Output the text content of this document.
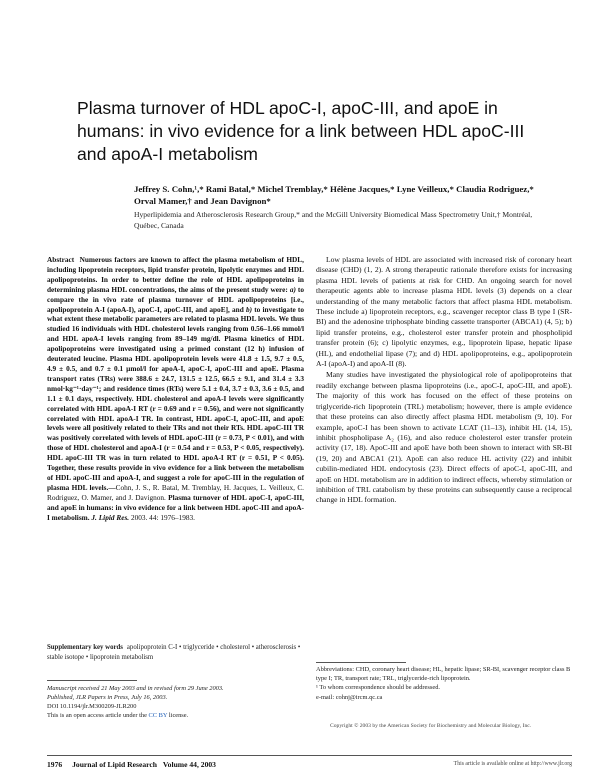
Plasma turnover of HDL apoC-I, apoC-III, and apoE in humans: in vivo evidence for a link between HDL apoC-III and apoA-I metabolism
Jeffrey S. Cohn,¹,* Rami Batal,* Michel Tremblay,* Hélène Jacques,* Lyne Veilleux,* Claudia Rodriguez,* Orval Mamer,† and Jean Davignon*
Hyperlipidemia and Atherosclerosis Research Group,* and the McGill University Biomedical Mass Spectrometry Unit,† Montréal, Québec, Canada
Abstract Numerous factors are known to affect the plasma metabolism of HDL, including lipoprotein receptors, lipid transfer protein, lipolytic enzymes and HDL apolipoproteins. In order to better define the role of HDL apolipoproteins in determining plasma HDL concentrations, the aims of the present study were: a) to compare the in vivo rate of plasma turnover of HDL apolipoproteins [i.e., apolipoprotein A-I (apoA-I), apoC-I, apoC-III, and apoE], and b) to investigate to what extent these metabolic parameters are related to plasma HDL levels. We thus studied 16 individuals with HDL cholesterol levels ranging from 0.56–1.66 mmol/l and HDL apoA-I levels ranging from 89–149 mg/dl. Plasma kinetics of HDL apolipoproteins were investigated using a primed constant (12 h) infusion of deuterated leucine. Plasma HDL apolipoprotein levels were 41.8 ± 1.5, 9.7 ± 0.5, 4.9 ± 0.5, and 0.7 ± 0.1 µmol/l for apoA-I, apoC-I, apoC-III and apoE. Plasma transport rates (TRs) were 388.6 ± 24.7, 131.5 ± 12.5, 66.5 ± 9.1, and 31.4 ± 3.3 nmol·kg⁻¹·day⁻¹; and residence times (RTs) were 5.1 ± 0.4, 3.7 ± 0.3, 3.6 ± 0.5, and 1.1 ± 0.1 days, respectively. HDL cholesterol and apoA-I levels were significantly correlated with HDL apoA-I RT (r = 0.69 and r = 0.56), and were not significantly correlated with HDL apoA-I TR. In contrast, HDL apoC-I, apoC-III, and apoE levels were all positively related to their TRs and not their RTs. HDL apoC-III TR was positively correlated with levels of HDL apoC-III (r = 0.73, P < 0.01), and with those of HDL cholesterol and apoA-I (r = 0.54 and r = 0.53, P < 0.05, respectively). HDL apoC-III TR was in turn related to HDL apoA-I RT (r = 0.51, P < 0.05). Together, these results provide in vivo evidence for a link between the metabolism of HDL apoC-III and apoA-I, and suggest a role for apoC-III in the regulation of plasma HDL levels.—Cohn, J. S., R. Batal, M. Tremblay, H. Jacques, L. Veilleux, C. Rodriguez, O. Mamer, and J. Davignon. Plasma turnover of HDL apoC-I, apoC-III, and apoE in humans: in vivo evidence for a link between HDL apoC-III and apoA-I metabolism. J. Lipid Res. 2003. 44: 1976–1983.
Supplementary key words apolipoprotein C-I • triglyceride • cholesterol • atherosclerosis • stable isotope • lipoprotein metabolism
Manuscript received 21 May 2003 and in revised form 29 June 2003.
Published, JLR Papers in Press, July 16, 2003.
DOI 10.1194/jlr.M300209-JLR200
This is an open access article under the CC BY license.

Low plasma levels of HDL are associated with increased risk of coronary heart disease (CHD) (1, 2). A strong therapeutic rationale therefore exists for increasing plasma HDL levels of patients at risk for CHD. An ongoing search for novel therapeutic agents able to increase plasma HDL levels (3) depends on a clear understanding of the many metabolic factors that affect plasma HDL metabolism. These include a) lipoprotein receptors, e.g., scavenger receptor class B type I (SR-BI) and the adenosine triphosphate binding cassette transporter (ABCA1) (4, 5); b) lipid transfer proteins, e.g., cholesterol ester transfer protein and phospholipid transfer protein (6); c) lipolytic enzymes, e.g., lipoprotein lipase, hepatic lipase (HL), and endothelial lipase (7); and d) HDL apolipoproteins, e.g., apolipoprotein A-I (apoA-I) and apoA-II (8).

Many studies have investigated the physiological role of apolipoproteins that readily exchange between plasma lipoproteins (i.e., apoC-I, apoC-III, and apoE). The majority of this work has focused on the effect of these proteins on triglyceride-rich lipoprotein (TRL) metabolism; however, there is ample evidence that these proteins can also directly affect plasma HDL metabolism (9, 10). For example, apoC-I has been shown to activate LCAT (11–13), inhibit HL (14, 15), inhibit phospholipase A₂ (16), and also reduce cholesterol ester transfer protein activity (17, 18). ApoC-III and apoE have both been shown to interact with SR-BI (19, 20) and ABCA1 (21). ApoE can also reduce HL activity (22) and inhibit cubilin-mediated HDL endocytosis (23). Direct effects of apoC-I, apoC-III, and apoE on HDL metabolism are in addition to indirect effects, whereby stimulation or inhibition of TRL catabolism by these proteins can subsequently cause a reciprocal change in HDL formation.

Abbreviations: CHD, coronary heart disease; HL, hepatic lipase; SR-BI, scavenger receptor class B type I; TR, transport rate; TRL, triglyceride-rich lipoprotein.

¹ To whom correspondence should be addressed.

e-mail: cohnj@ircm.qc.ca

Copyright © 2003 by the American Society for Biochemistry and Molecular Biology, Inc.
1976 Journal of Lipid Research Volume 44, 2003	This article is available online at http://www.jlr.org
